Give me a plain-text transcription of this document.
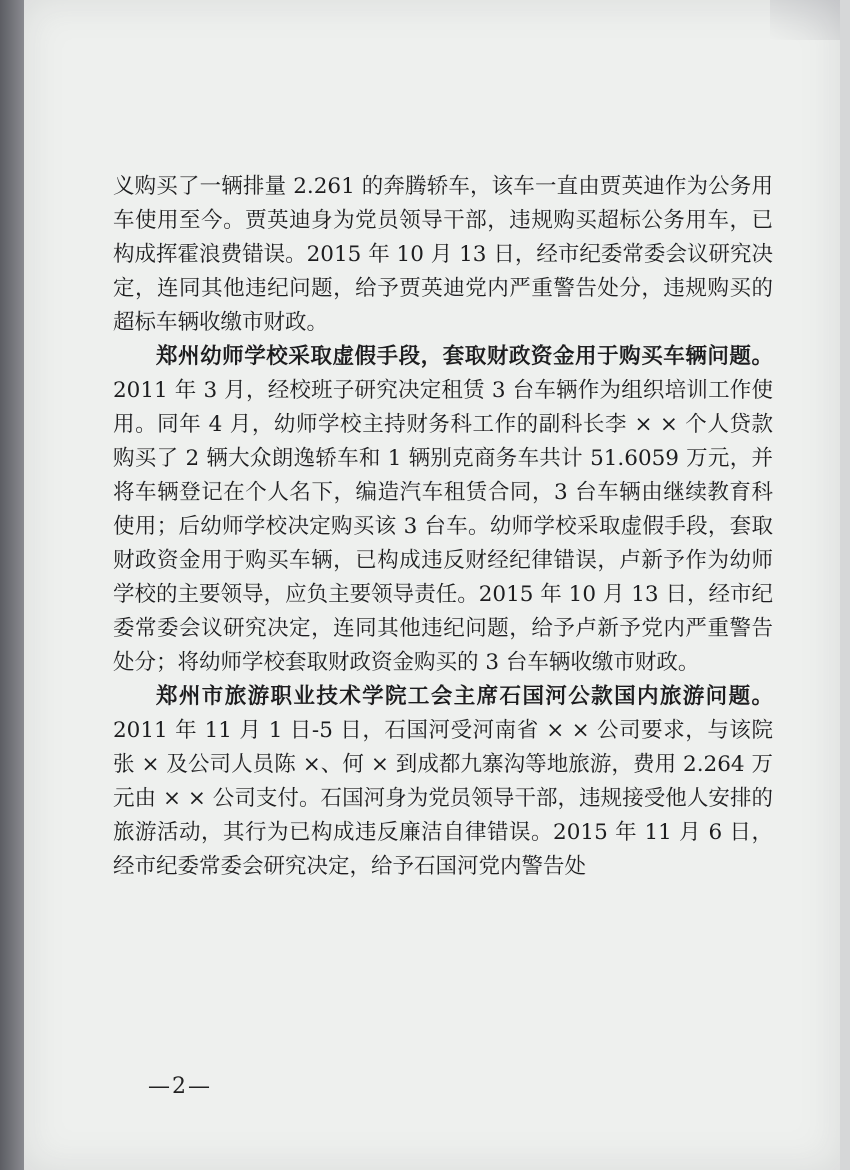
义购买了一辆排量 2.261 的奔腾轿车，该车一直由贾英迪作为公务用车使用至今。贾英迪身为党员领导干部，违规购买超标公务用车，已构成挥霍浪费错误。2015 年 10 月 13 日，经市纪委常委会议研究决定，连同其他违纪问题，给予贾英迪党内严重警告处分，违规购买的超标车辆收缴市财政。

郑州幼师学校采取虚假手段，套取财政资金用于购买车辆问题。2011 年 3 月，经校班子研究决定租赁 3 台车辆作为组织培训工作使用。同年 4 月，幼师学校主持财务科工作的副科长李 × × 个人贷款购买了 2 辆大众朗逸轿车和 1 辆别克商务车共计 51.6059 万元，并将车辆登记在个人名下，编造汽车租赁合同，3 台车辆由继续教育科使用；后幼师学校决定购买该 3 台车。幼师学校采取虚假手段，套取财政资金用于购买车辆，已构成违反财经纪律错误，卢新予作为幼师学校的主要领导，应负主要领导责任。2015 年 10 月 13 日，经市纪委常委会议研究决定，连同其他违纪问题，给予卢新予党内严重警告处分；将幼师学校套取财政资金购买的 3 台车辆收缴市财政。

郑州市旅游职业技术学院工会主席石国河公款国内旅游问题。2011 年 11 月 1 日-5 日，石国河受河南省 × × 公司要求，与该院张 × 及公司人员陈 ×、何 × 到成都九寨沟等地旅游，费用 2.264 万元由 × × 公司支付。石国河身为党员领导干部，违规接受他人安排的旅游活动，其行为已构成违反廉洁自律错误。2015 年 11 月 6 日，经市纪委常委会研究决定，给予石国河党内警告处

—2—
